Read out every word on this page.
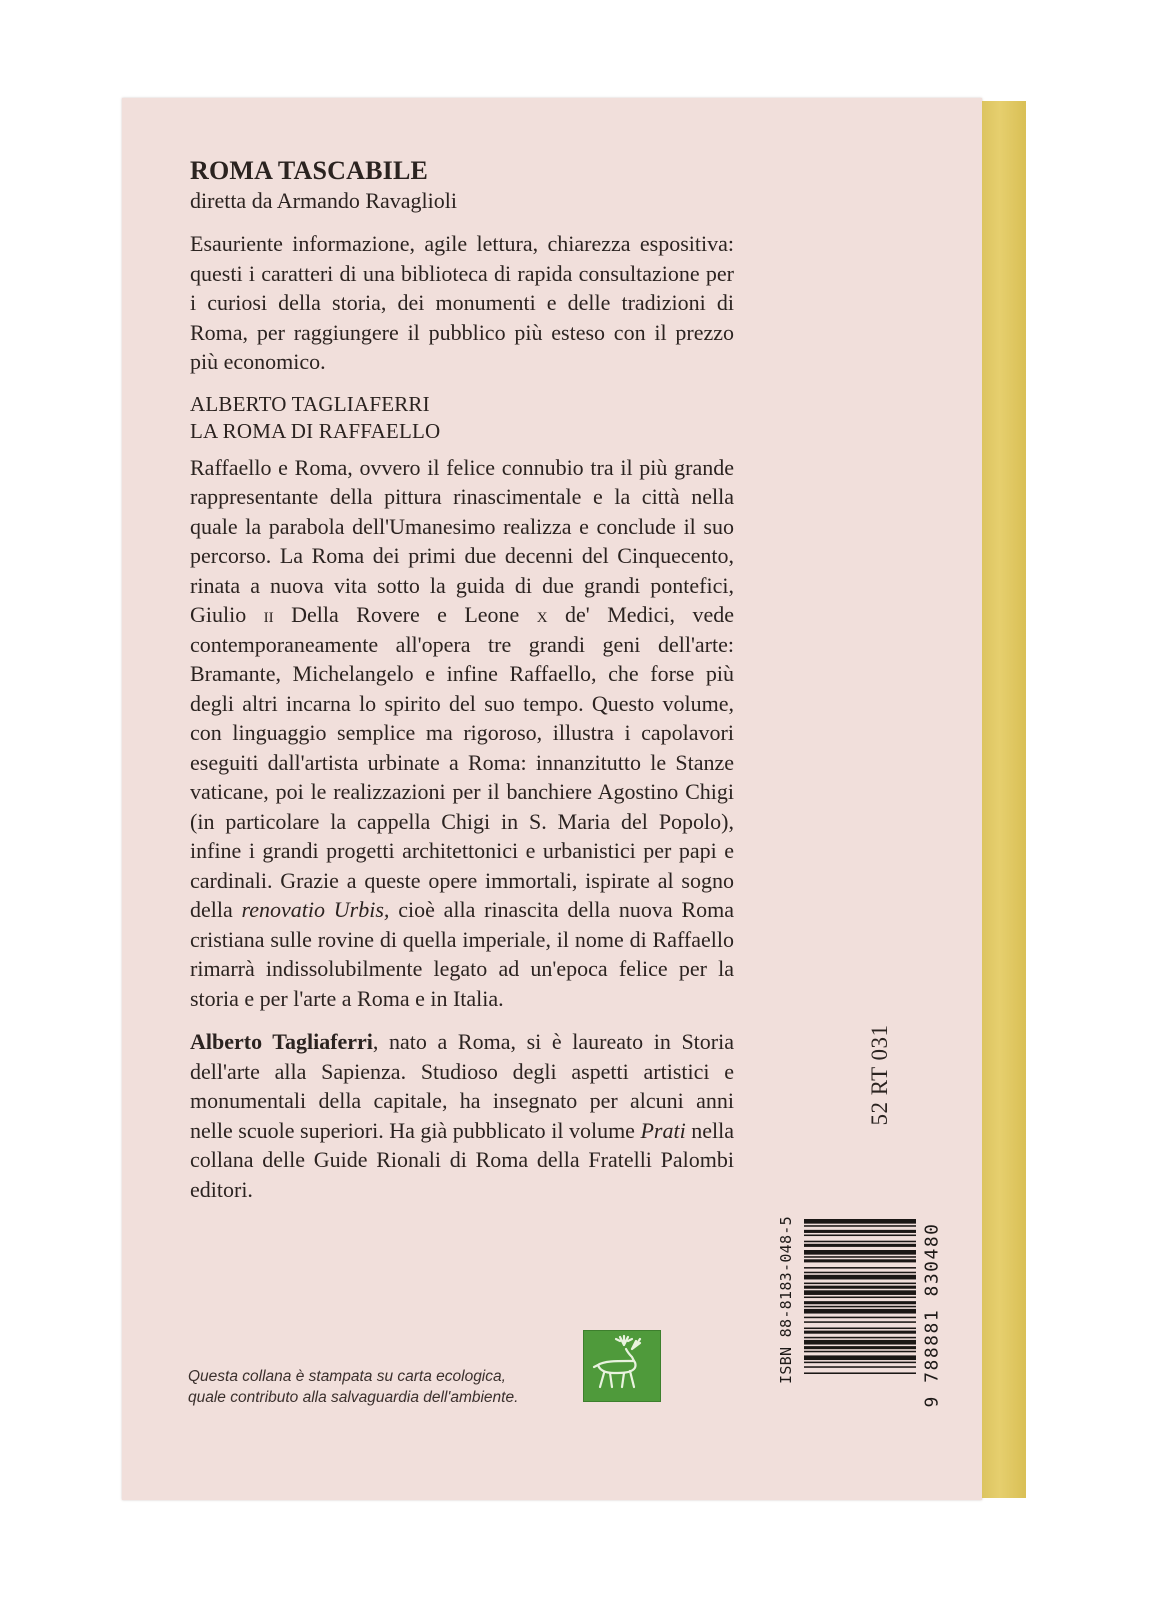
ROMA TASCABILE

diretta da Armando Ravaglioli

Esauriente informazione, agile lettura, chiarezza espositiva: questi i caratteri di una biblioteca di rapida consultazione per i curiosi della storia, dei monumenti e delle tradizioni di Roma, per raggiungere il pubblico più esteso con il prezzo più economico.

ALBERTO TAGLIAFERRI

LA ROMA DI RAFFAELLO

Raffaello e Roma, ovvero il felice connubio tra il più grande rappresentante della pittura rinascimentale e la città nella quale la parabola dell'Umanesimo realizza e conclude il suo percorso. La Roma dei primi due decenni del Cinquecento, rinata a nuova vita sotto la guida di due grandi pontefici, Giulio ii Della Rovere e Leone x de' Medici, vede contemporaneamente all'opera tre grandi geni dell'arte: Bramante, Michelangelo e infine Raffaello, che forse più degli altri incarna lo spirito del suo tempo. Questo volume, con linguaggio semplice ma rigoroso, illustra i capolavori eseguiti dall'artista urbinate a Roma: innanzitutto le Stanze vaticane, poi le realizzazioni per il banchiere Agostino Chigi (in particolare la cappella Chigi in S. Maria del Popolo), infine i grandi progetti architettonici e urbanistici per papi e cardinali. Grazie a queste opere immortali, ispirate al sogno della renovatio Urbis, cioè alla rinascita della nuova Roma cristiana sulle rovine di quella imperiale, il nome di Raffaello rimarrà indissolubilmente legato ad un'epoca felice per la storia e per l'arte a Roma e in Italia.

Alberto Tagliaferri, nato a Roma, si è laureato in Storia dell'arte alla Sapienza. Studioso degli aspetti artistici e monumentali della capitale, ha insegnato per alcuni anni nelle scuole superiori. Ha già pubblicato il volume Prati nella collana delle Guide Rionali di Roma della Fratelli Palombi editori.

Questa collana è stampata su carta ecologica,
quale contributo alla salvaguardia dell'ambiente.

52 RT 031
ISBN 88-8183-048-5	9 788881 830480
